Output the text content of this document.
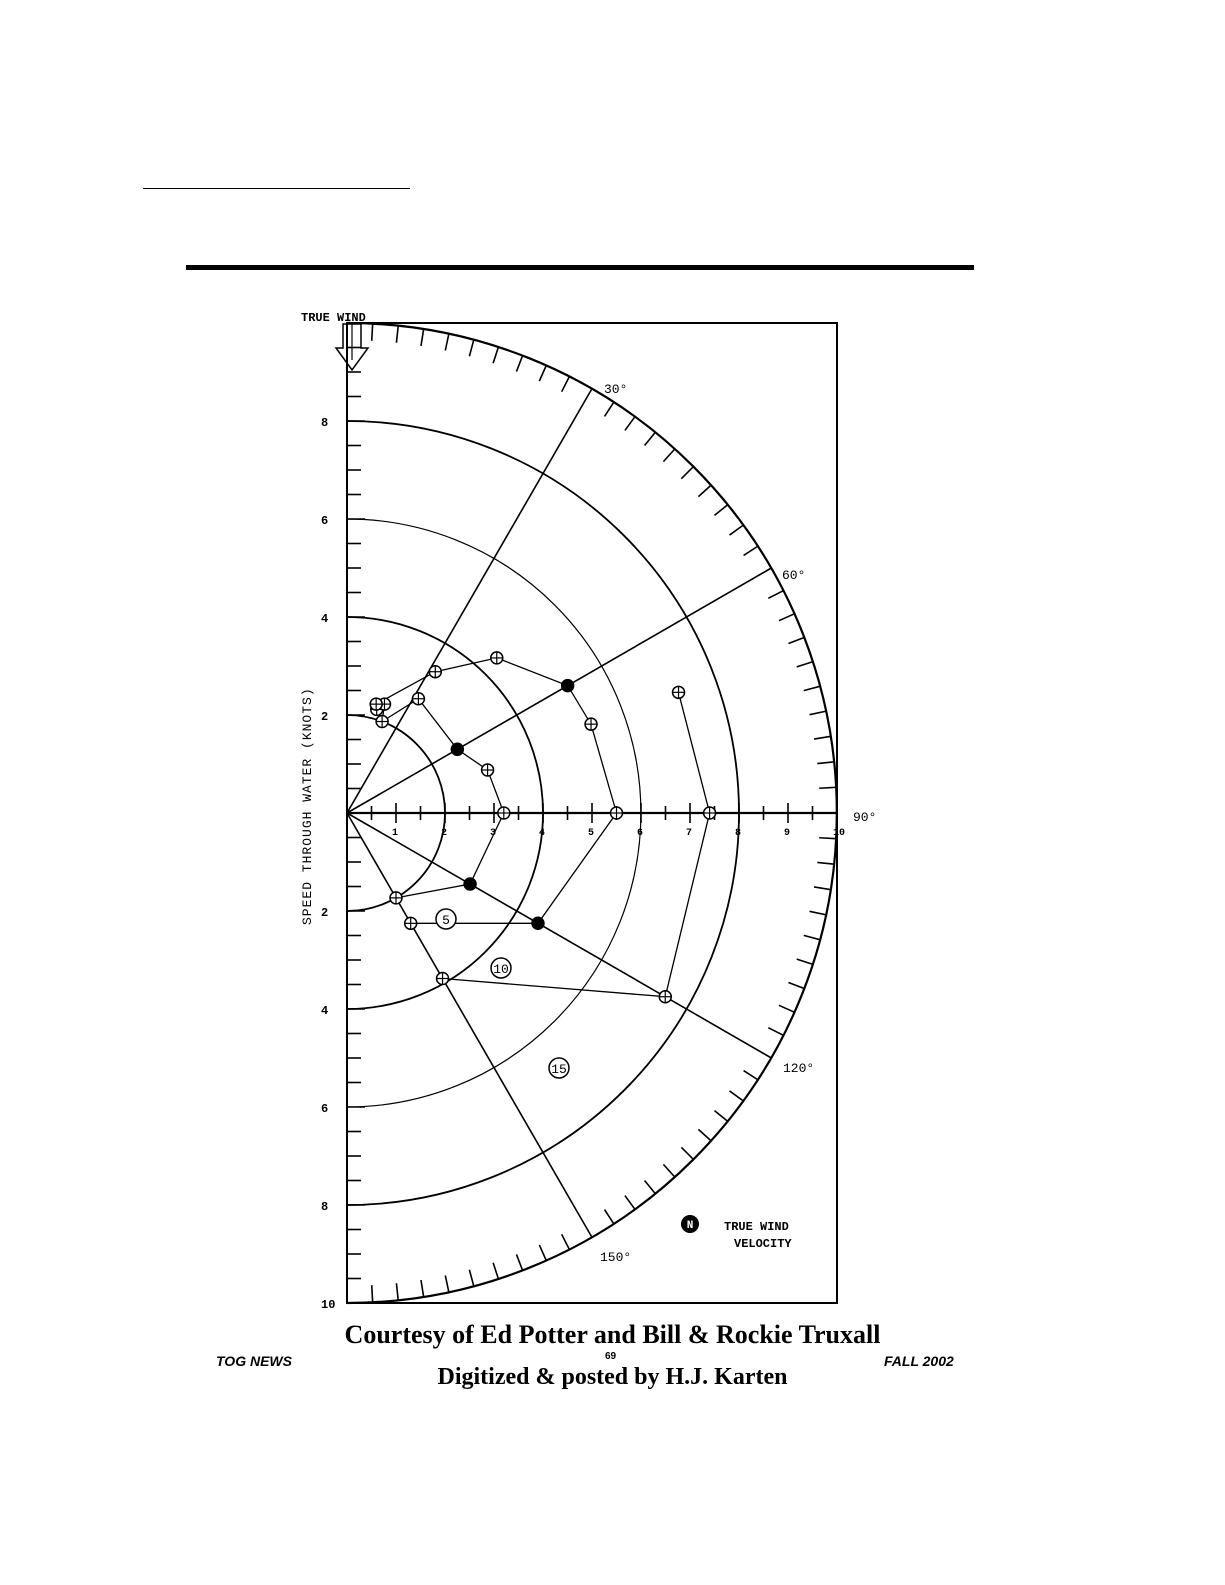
8
6
4
2
2
4
6
8
10
1	2	3	4	5	6	7	8	9	10
30°
60°
90°
120°
150°
SPEED THROUGH WATER (KNOTS)
TRUE WIND
5
10
15
N	TRUE WIND
VELOCITY
Courtesy of Ed Potter and Bill & Rockie Truxall
TOG NEWS	69	FALL 2002
Digitized & posted by H.J. Karten
